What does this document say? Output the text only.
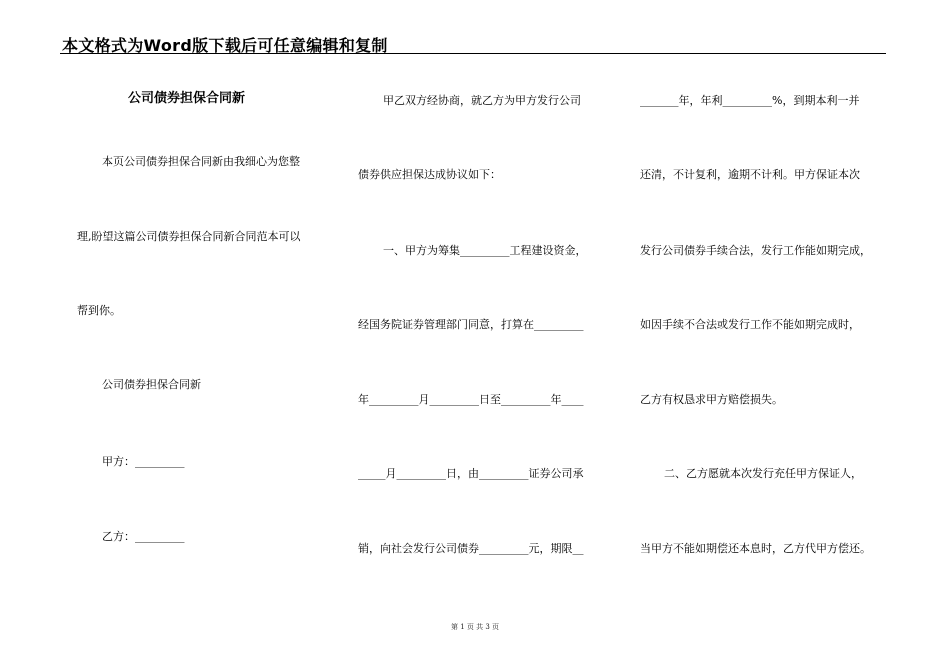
本文格式为Word版下载后可任意编辑和复制
公司债券担保合同新
本页公司债券担保合同新由我细心为您整
理,盼望这篇公司债券担保合同新合同范本可以
帮到你。
公司债券担保合同新
甲方：_________
乙方：_________
甲乙双方经协商，就乙方为甲方发行公司
债券供应担保达成协议如下：
一、甲方为筹集_________工程建设资金，
经国务院证券管理部门同意，打算在_________
年_________月_________日至_________年____
_____月_________日，由_________证券公司承
销，向社会发行公司债券_________元，期限__
_______年，年利_________%，到期本利一并
还清，不计复利，逾期不计利。甲方保证本次
发行公司债券手续合法，发行工作能如期完成，
如因手续不合法或发行工作不能如期完成时，
乙方有权恳求甲方赔偿损失。
二、乙方愿就本次发行充任甲方保证人，
当甲方不能如期偿还本息时，乙方代甲方偿还。
第 1 页 共 3 页
